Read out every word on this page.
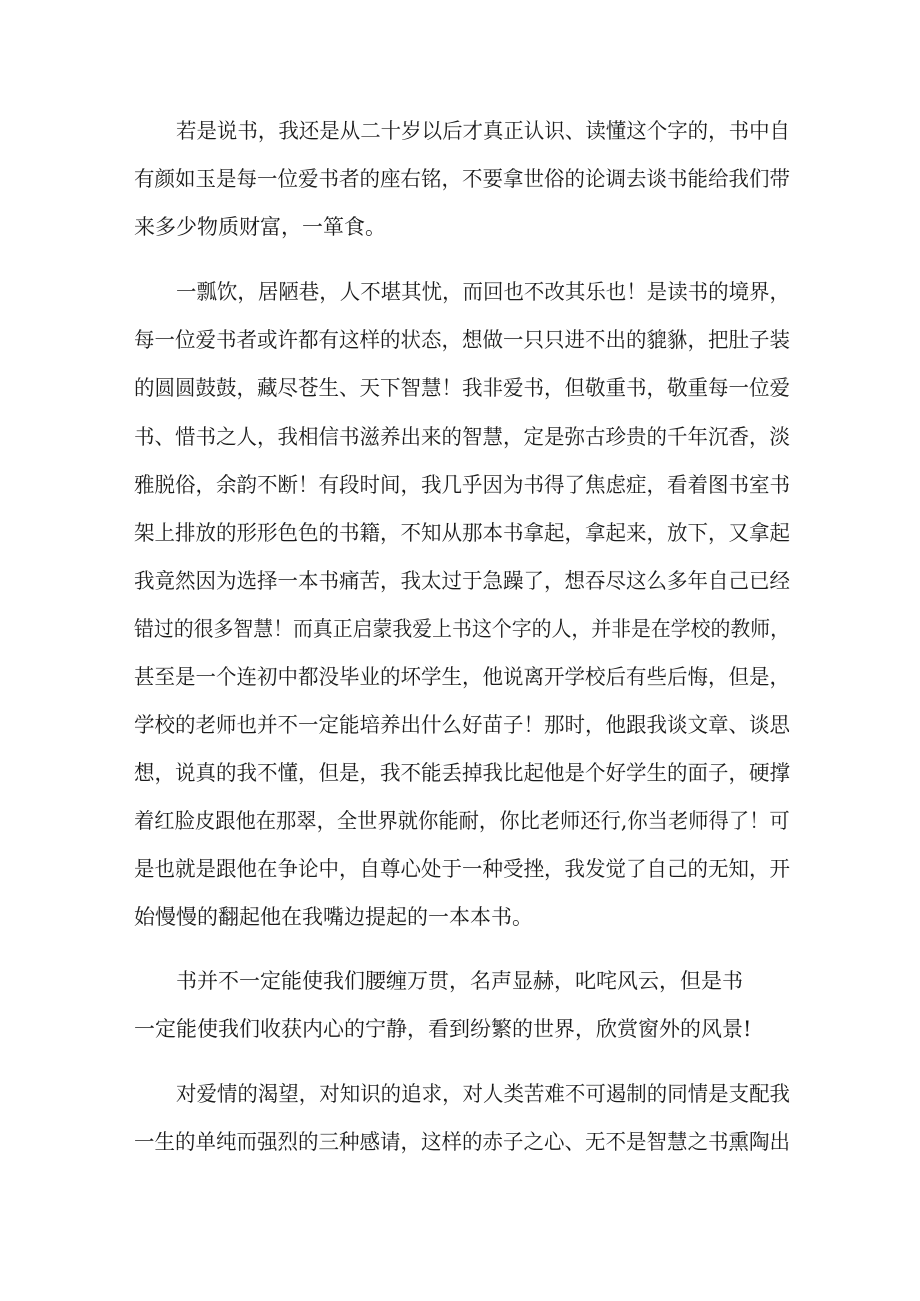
若是说书，我还是从二十岁以后才真正认识、读懂这个字的，书中自

有颜如玉是每一位爱书者的座右铭，不要拿世俗的论调去谈书能给我们带

来多少物质财富，一箪食。

一瓢饮，居陋巷，人不堪其忧，而回也不改其乐也！是读书的境界，

每一位爱书者或许都有这样的状态，想做一只只进不出的貔貅，把肚子装

的圆圆鼓鼓，藏尽苍生、天下智慧！我非爱书，但敬重书，敬重每一位爱

书、惜书之人，我相信书滋养出来的智慧，定是弥古珍贵的千年沉香，淡

雅脱俗，余韵不断！有段时间，我几乎因为书得了焦虑症，看着图书室书

架上排放的形形色色的书籍，不知从那本书拿起，拿起来，放下，又拿起

我竟然因为选择一本书痛苦，我太过于急躁了，想吞尽这么多年自己已经

错过的很多智慧！而真正启蒙我爱上书这个字的人，并非是在学校的教师，

甚至是一个连初中都没毕业的坏学生，他说离开学校后有些后悔，但是，

学校的老师也并不一定能培养出什么好苗子！那时，他跟我谈文章、谈思

想，说真的我不懂，但是，我不能丢掉我比起他是个好学生的面子，硬撑

着红脸皮跟他在那翠，全世界就你能耐，你比老师还行,你当老师得了！可

是也就是跟他在争论中，自尊心处于一种受挫，我发觉了自己的无知，开

始慢慢的翻起他在我嘴边提起的一本本书。

书并不一定能使我们腰缠万贯，名声显赫，叱咤风云，但是书

一定能使我们收获内心的宁静，看到纷繁的世界，欣赏窗外的风景!

对爱情的渴望，对知识的追求，对人类苦难不可遏制的同情是支配我

一生的单纯而强烈的三种感请，这样的赤子之心、无不是智慧之书熏陶出
